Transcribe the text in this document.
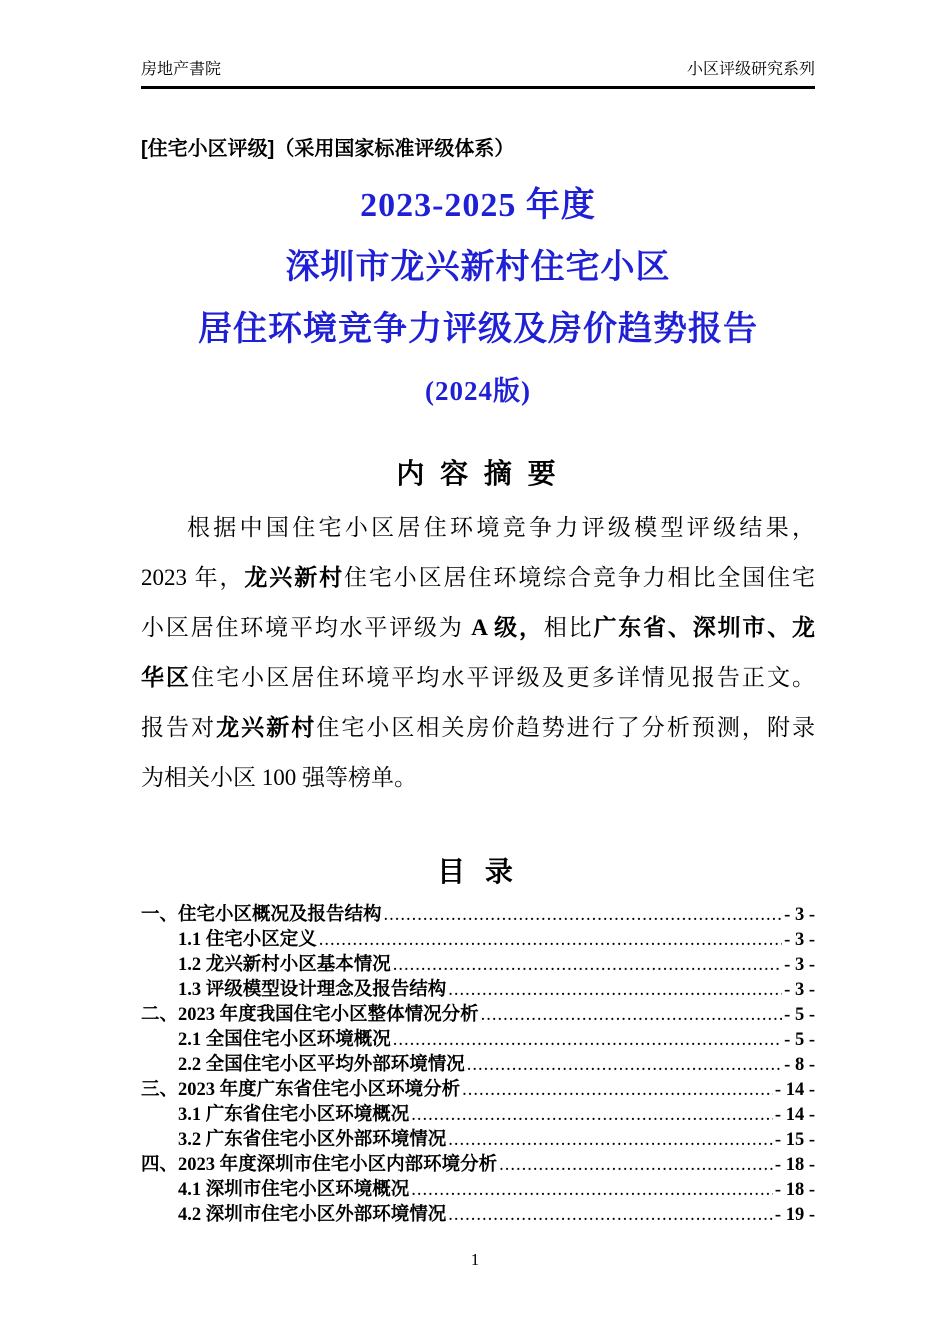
房地产書院	小区评级研究系列
[住宅小区评级]（采用国家标准评级体系）
2023-2025 年度
深圳市龙兴新村住宅小区
居住环境竞争力评级及房价趋势报告
(2024版)
内 容 摘 要
根据中国住宅小区居住环境竞争力评级模型评级结果，
2023 年，龙兴新村住宅小区居住环境综合竞争力相比全国住宅
小区居住环境平均水平评级为 A 级，相比广东省、深圳市、龙
华区住宅小区居住环境平均水平评级及更多详情见报告正文。
报告对龙兴新村住宅小区相关房价趋势进行了分析预测，附录
为相关小区 100 强等榜单。
目 录
一、住宅小区概况及报告结构 .....	- 3 -
1.1 住宅小区定义 .....	- 3 -
1.2 龙兴新村小区基本情况 .....	- 3 -
1.3 评级模型设计理念及报告结构 .....	- 3 -
二、2023 年度我国住宅小区整体情况分析 .....	- 5 -
2.1 全国住宅小区环境概况 .....	- 5 -
2.2 全国住宅小区平均外部环境情况 .....	- 8 -
三、2023 年度广东省住宅小区环境分析 .....	- 14 -
3.1 广东省住宅小区环境概况 .....	- 14 -
3.2 广东省住宅小区外部环境情况 .....	- 15 -
四、2023 年度深圳市住宅小区内部环境分析 .....	- 18 -
4.1 深圳市住宅小区环境概况 .....	- 18 -
4.2 深圳市住宅小区外部环境情况 .....	- 19 -
1
